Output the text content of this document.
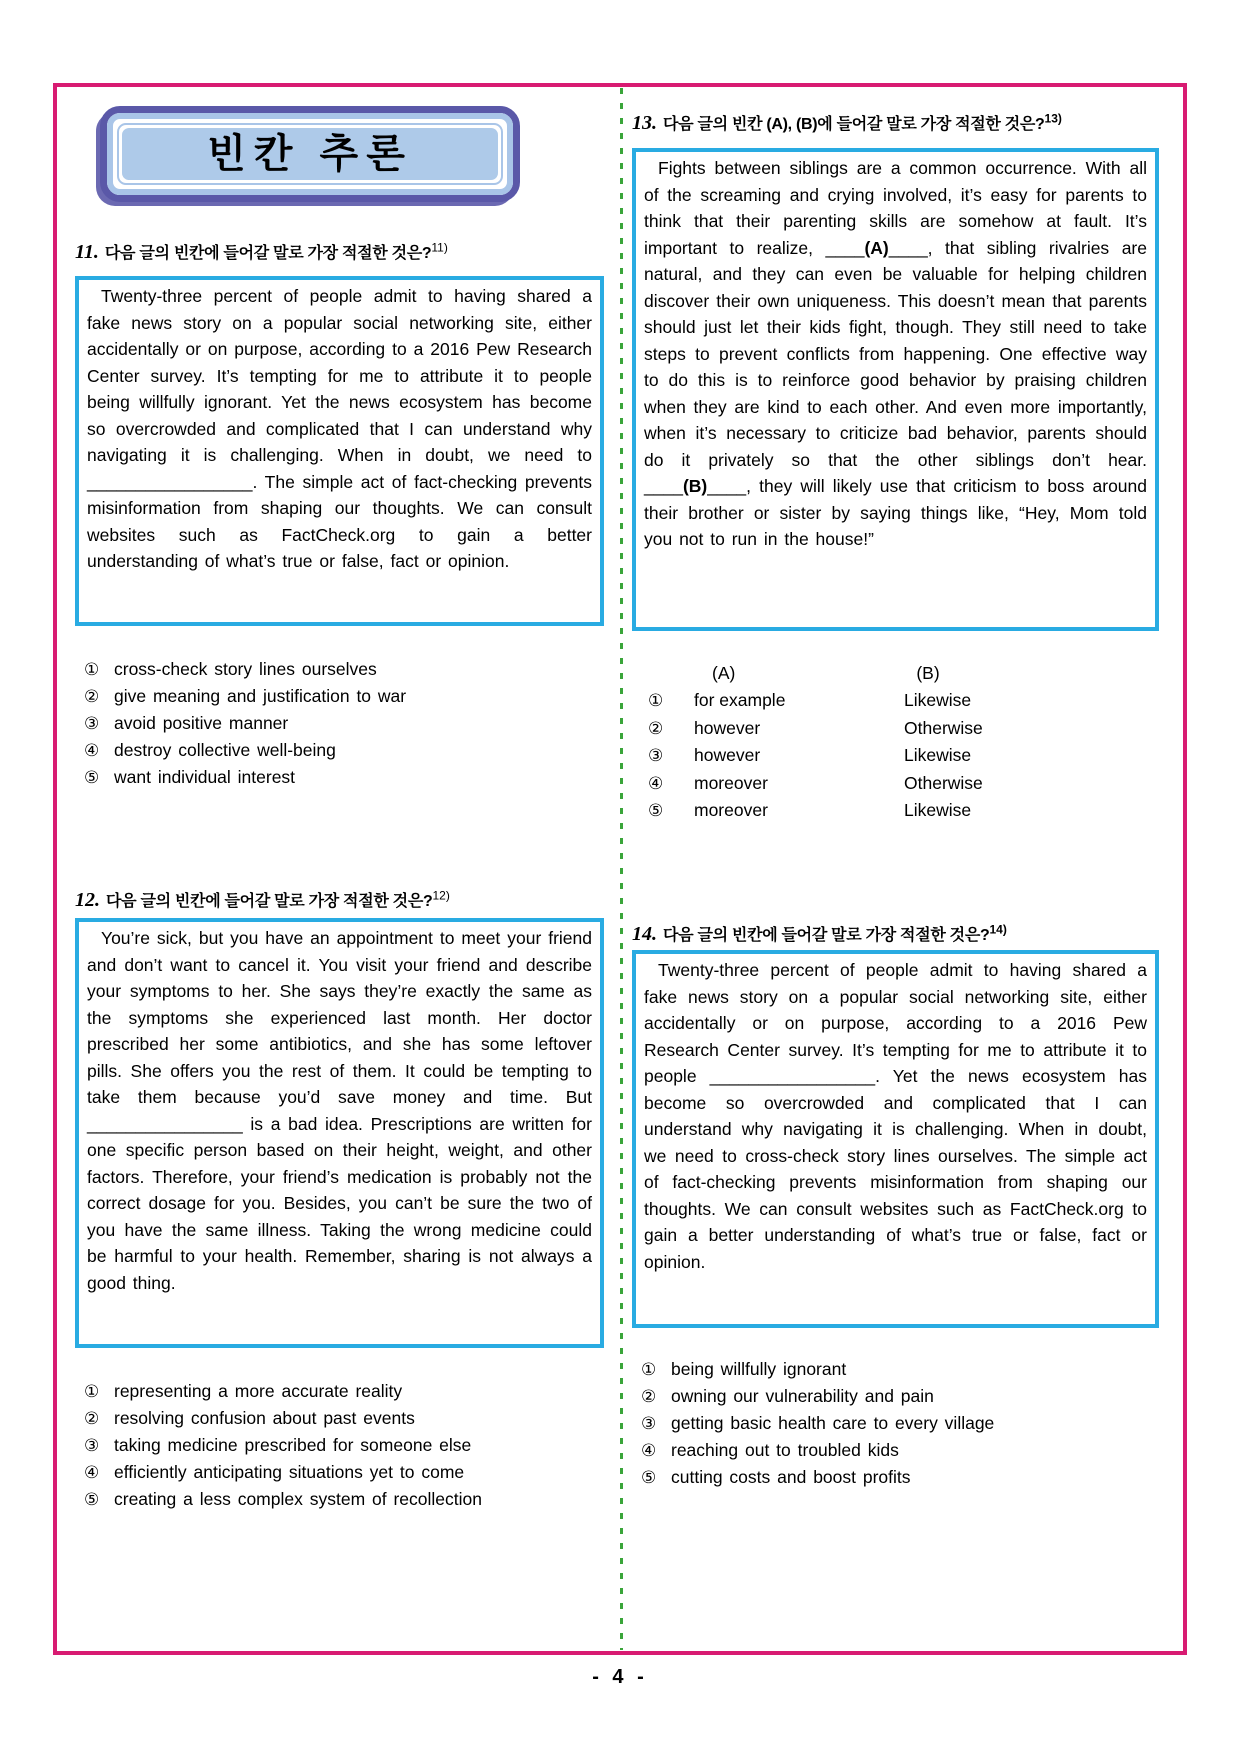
빈칸 추론
11. 다음 글의 빈칸에 들어갈 말로 가장 적절한 것은?$^{11)}$
Twenty-three percent of people admit to having shared a fake news story on a popular social networking site, either accidentally or on purpose, according to a 2016 Pew Research Center survey. It’s tempting for me to attribute it to people being willfully ignorant. Yet the news ecosystem has become so overcrowded and complicated that I can understand why navigating it is challenging. When in doubt, we need to _________________. The simple act of fact-checking prevents misinformation from shaping our thoughts. We can consult websites such as FactCheck.org to gain a better understanding of what’s true or false, fact or opinion.
① cross-check story lines ourselves
② give meaning and justification to war
③ avoid positive manner
④ destroy collective well-being
⑤ want individual interest
12. 다음 글의 빈칸에 들어갈 말로 가장 적절한 것은?$^{12)}$
You’re sick, but you have an appointment to meet your friend and don’t want to cancel it. You visit your friend and describe your symptoms to her. She says they’re exactly the same as the symptoms she experienced last month. Her doctor prescribed her some antibiotics, and she has some leftover pills. She offers you the rest of them. It could be tempting to take them because you’d save money and time. But ________________ is a bad idea. Prescriptions are written for one specific person based on their height, weight, and other factors. Therefore, your friend’s medication is probably not the correct dosage for you. Besides, you can’t be sure the two of you have the same illness. Taking the wrong medicine could be harmful to your health. Remember, sharing is not always a good thing.
① representing a more accurate reality
② resolving confusion about past events
③ taking medicine prescribed for someone else
④ efficiently anticipating situations yet to come
⑤ creating a less complex system of recollection
13. 다음 글의 빈칸 (A), (B)에 들어갈 말로 가장 적절한 것은?$^{13)}$
Fights between siblings are a common occurrence. With all of the screaming and crying involved, it’s easy for parents to think that their parenting skills are somehow at fault. It’s important to realize, ____(A)____, that sibling rivalries are natural, and they can even be valuable for helping children discover their own uniqueness. This doesn’t mean that parents should just let their kids fight, though. They still need to take steps to prevent conflicts from happening. One effective way to do this is to reinforce good behavior by praising children when they are kind to each other. And even more importantly, when it’s necessary to criticize bad behavior, parents should do it privately so that the other siblings don’t hear. ____(B)____, they will likely use that criticism to boss around their brother or sister by saying things like, “Hey, Mom told you not to run in the house!”
(A)	(B)
①	for example	Likewise
②	however	Otherwise
③	however	Likewise
④	moreover	Otherwise
⑤	moreover	Likewise
14. 다음 글의 빈칸에 들어갈 말로 가장 적절한 것은?$^{14)}$
Twenty-three percent of people admit to having shared a fake news story on a popular social networking site, either accidentally or on purpose, according to a 2016 Pew Research Center survey. It’s tempting for me to attribute it to people _________________. Yet the news ecosystem has become so overcrowded and complicated that I can understand why navigating it is challenging. When in doubt, we need to cross-check story lines ourselves. The simple act of fact-checking prevents misinformation from shaping our thoughts. We can consult websites such as FactCheck.org to gain a better understanding of what’s true or false, fact or opinion.
① being willfully ignorant
② owning our vulnerability and pain
③ getting basic health care to every village
④ reaching out to troubled kids
⑤ cutting costs and boost profits
- 4 -
